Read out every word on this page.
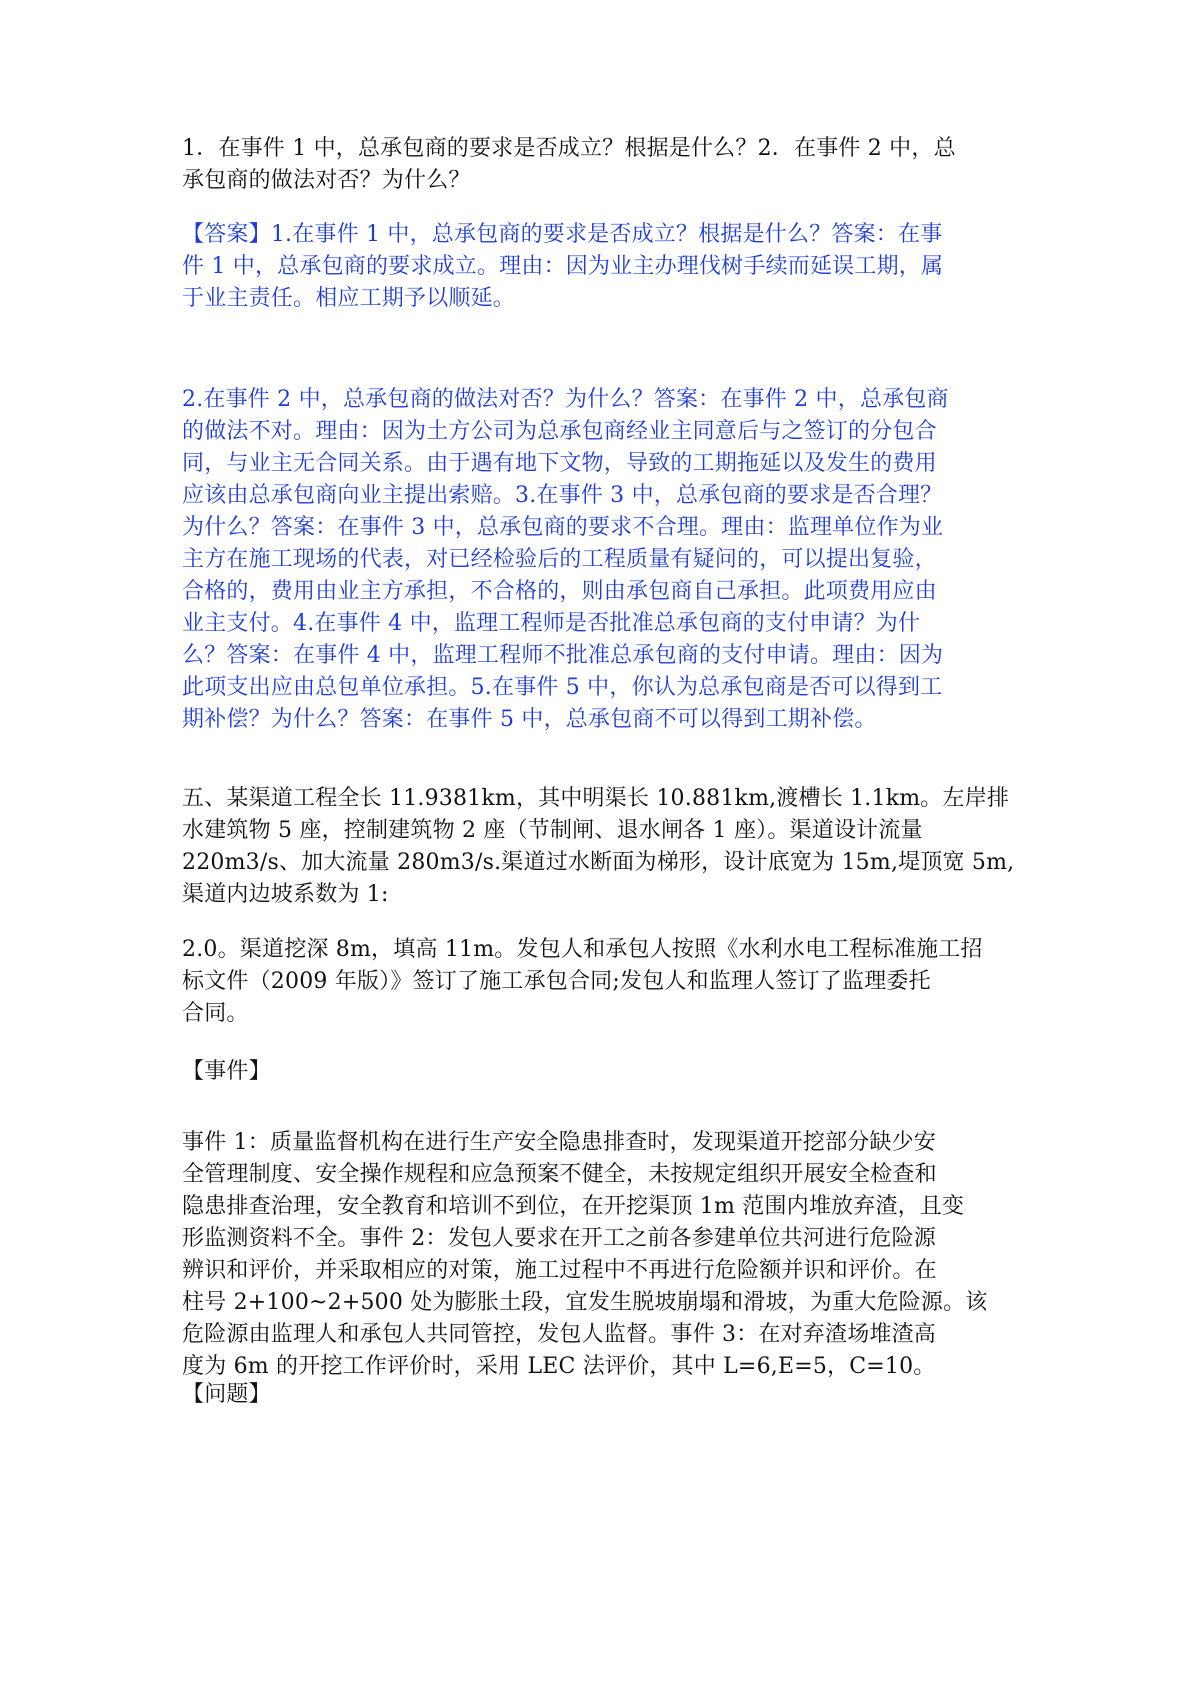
1．在事件 1 中，总承包商的要求是否成立？根据是什么？2．在事件 2 中，总
承包商的做法对否？为什么？

【答案】1.在事件 1 中，总承包商的要求是否成立？根据是什么？答案：在事
件 1 中，总承包商的要求成立。理由：因为业主办理伐树手续而延误工期，属
于业主责任。相应工期予以顺延。

2.在事件 2 中，总承包商的做法对否？为什么？答案：在事件 2 中，总承包商
的做法不对。理由：因为土方公司为总承包商经业主同意后与之签订的分包合
同，与业主无合同关系。由于遇有地下文物，导致的工期拖延以及发生的费用
应该由总承包商向业主提出索赔。3.在事件 3 中，总承包商的要求是否合理？
为什么？答案：在事件 3 中，总承包商的要求不合理。理由：监理单位作为业
主方在施工现场的代表，对已经检验后的工程质量有疑问的，可以提出复验，
合格的，费用由业主方承担，不合格的，则由承包商自己承担。此项费用应由
业主支付。4.在事件 4 中，监理工程师是否批准总承包商的支付申请？为什
么？答案：在事件 4 中，监理工程师不批准总承包商的支付申请。理由：因为
此项支出应由总包单位承担。5.在事件 5 中，你认为总承包商是否可以得到工
期补偿？为什么？答案：在事件 5 中，总承包商不可以得到工期补偿。

五、某渠道工程全长 11.9381km，其中明渠长 10.881km,渡槽长 1.1km。左岸排
水建筑物 5 座，控制建筑物 2 座（节制闸、退水闸各 1 座）。渠道设计流量
220m3/s、加大流量 280m3/s.渠道过水断面为梯形，设计底宽为 15m,堤顶宽 5m,
渠道内边坡系数为 1:

2.0。渠道挖深 8m，填高 11m。发包人和承包人按照《水利水电工程标准施工招
标文件（2009 年版）》签订了施工承包合同;发包人和监理人签订了监理委托
合同。

【事件】

事件 1：质量监督机构在进行生产安全隐患排查时，发现渠道开挖部分缺少安
全管理制度、安全操作规程和应急预案不健全，未按规定组织开展安全检查和
隐患排查治理，安全教育和培训不到位，在开挖渠顶 1m 范围内堆放弃渣，且变
形监测资料不全。事件 2：发包人要求在开工之前各参建单位共河进行危险源
辨识和评价，并采取相应的对策，施工过程中不再进行危险额并识和评价。在
柱号 2+100~2+500 处为膨胀土段，宜发生脱坡崩塌和滑坡，为重大危险源。该
危险源由监理人和承包人共同管控，发包人监督。事件 3：在对弃渣场堆渣高
度为 6m 的开挖工作评价时，采用 LEC 法评价，其中 L=6,E=5，C=10。

【问题】
